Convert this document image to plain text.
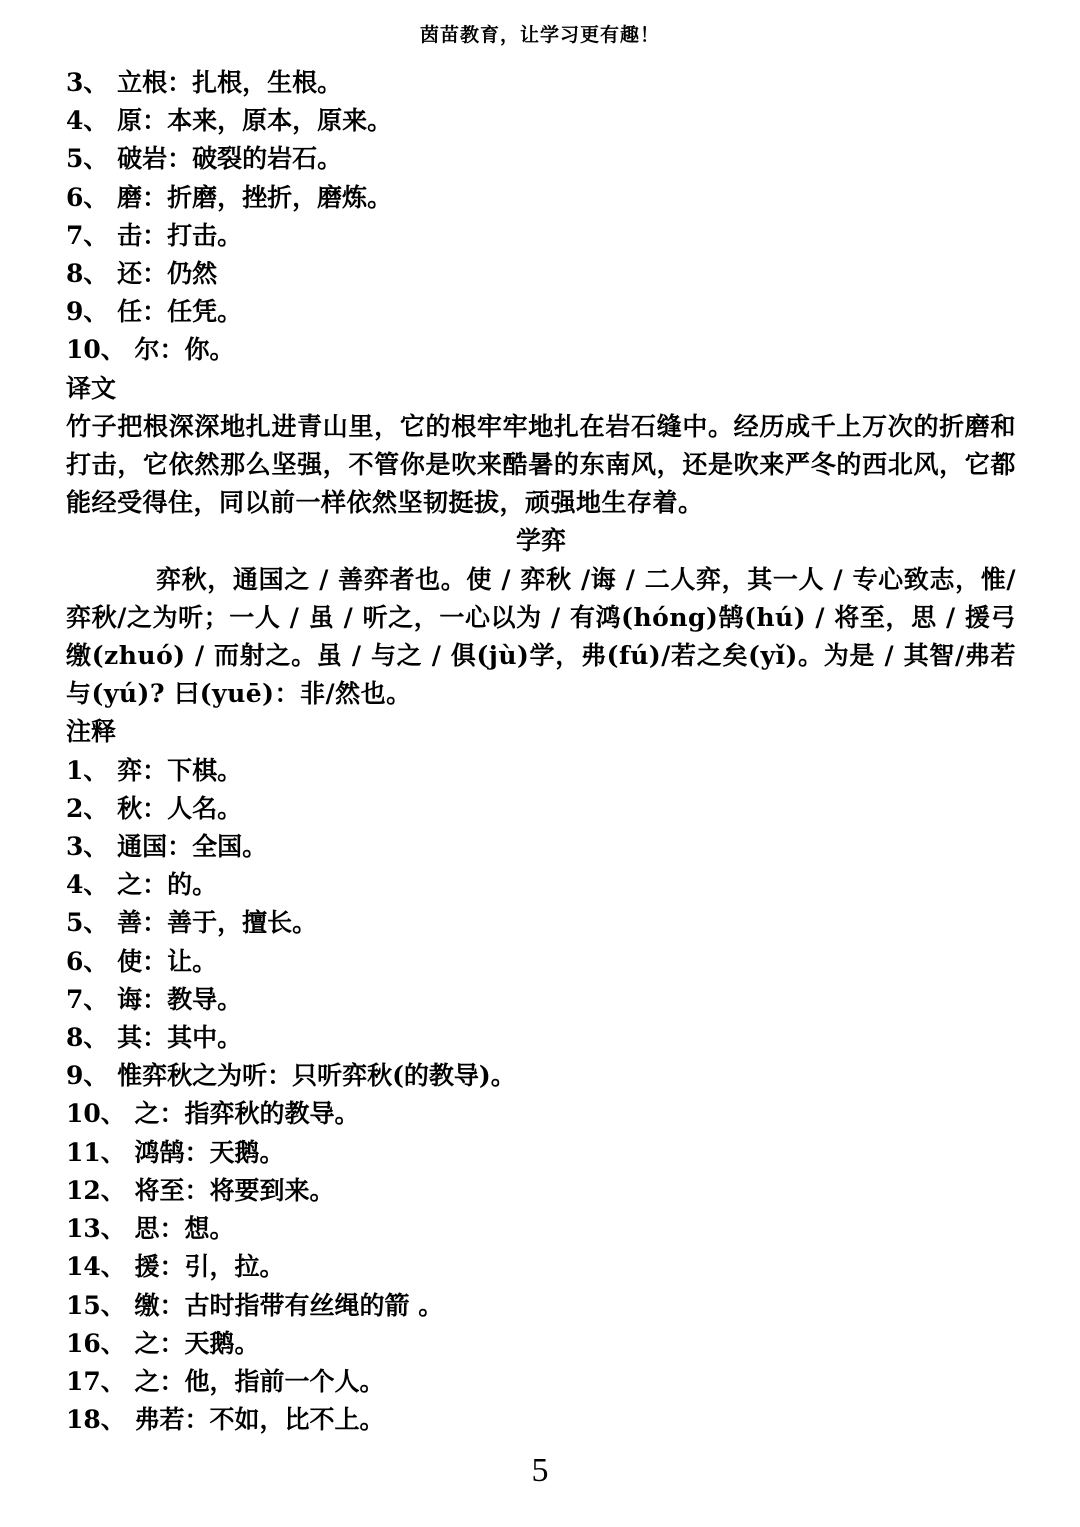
茵苗教育，让学习更有趣！
3、 立根：扎根，生根。
4、 原：本来，原本，原来。
5、 破岩：破裂的岩石。
6、 磨：折磨，挫折，磨炼。
7、 击：打击。
8、 还：仍然
9、 任：任凭。
10、 尔：你。
译文
竹子把根深深地扎进青山里，它的根牢牢地扎在岩石缝中。经历成千上万次的折磨和打击，它依然那么坚强，不管你是吹来酷暑的东南风，还是吹来严冬的西北风，它都能经受得住，同以前一样依然坚韧挺拔，顽强地生存着。
学弈
弈秋，通国之 / 善弈者也。使 / 弈秋 /诲 / 二人弈，其一人 / 专心致志，惟/弈秋/之为听；一人 / 虽 / 听之，一心以为 / 有鸿(hóng)鹄(hú) / 将至，思 / 援弓缴(zhuó) / 而射之。虽 / 与之 / 俱(jù)学，弗(fú)/若之矣(yǐ)。为是 / 其智/弗若与(yú)? 曰(yuē)：非/然也。
注释
1、 弈：下棋。
2、 秋：人名。
3、 通国：全国。
4、 之：的。
5、 善：善于，擅长。
6、 使：让。
7、 诲：教导。
8、 其：其中。
9、 惟弈秋之为听：只听弈秋(的教导)。
10、 之：指弈秋的教导。
11、 鸿鹄：天鹅。
12、 将至：将要到来。
13、 思：想。
14、 援：引，拉。
15、 缴：古时指带有丝绳的箭 。
16、 之：天鹅。
17、 之：他，指前一个人。
18、 弗若：不如，比不上。
5
